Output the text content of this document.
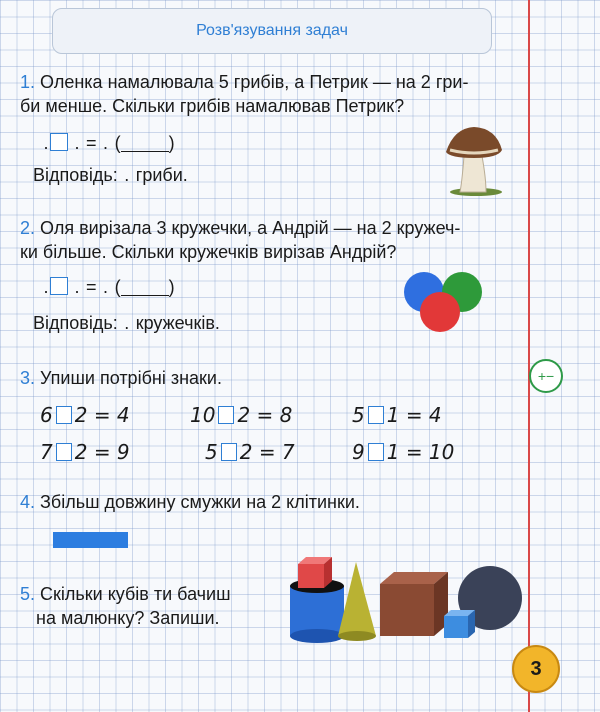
Розв'язування задач
1. Оленка намалювала 5 грибів, а Петрик — на 2 гри-
би менше. Скільки грибів намалював Петрик?
. . = . (	)
Відповідь: . гриби.
2. Оля вирізала 3 кружечки, а Андрій — на 2 кружеч-
ки більше. Скільки кружечків вирізав Андрій?
. . = . (	)
Відповідь: . кружечків.
+−
3. Упиши потрібні знаки.
6 2 = 4	10 2 = 8	5 1 = 4
7 2 = 9	5 2 = 7	9 1 = 10
4. Збільш довжину смужки на 2 клітинки.
5. Скільки кубів ти бачиш
на малюнку? Запиши.
3
